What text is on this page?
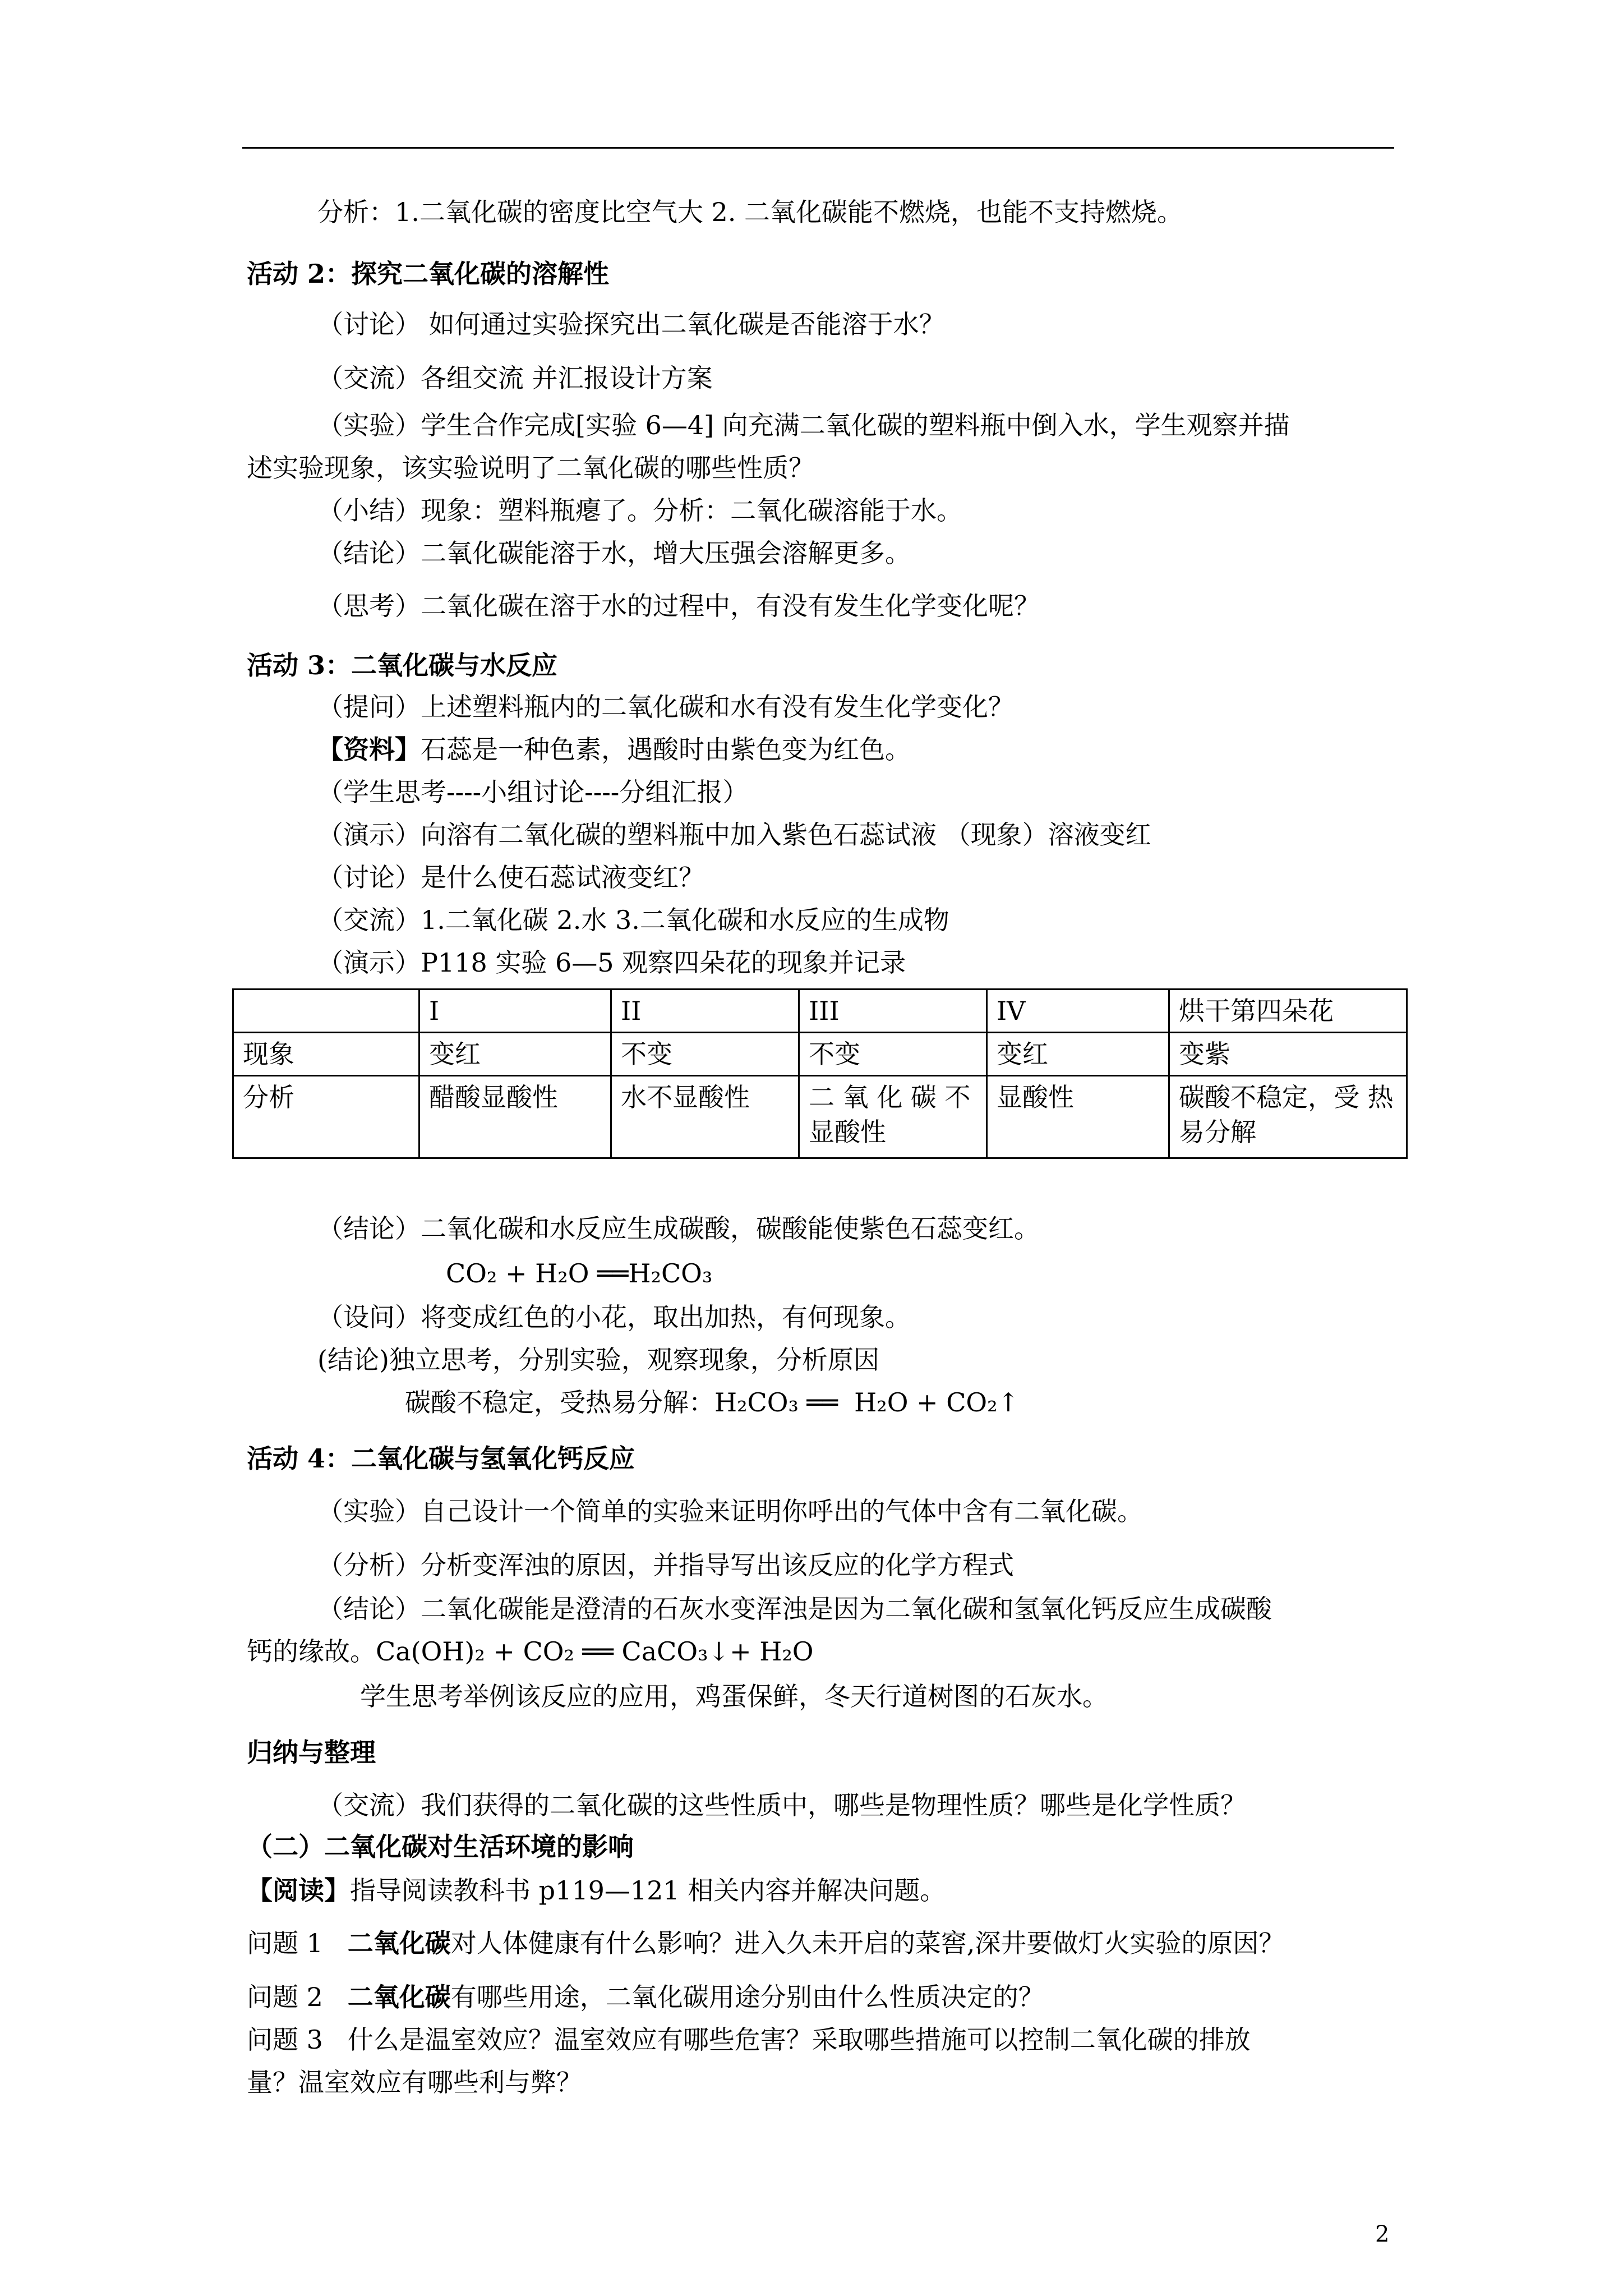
分析：1.二氧化碳的密度比空气大 2. 二氧化碳能不燃烧，也能不支持燃烧。
活动 2：探究二氧化碳的溶解性
（讨论） 如何通过实验探究出二氧化碳是否能溶于水？
（交流）各组交流 并汇报设计方案
（实验）学生合作完成[实验 6—4] 向充满二氧化碳的塑料瓶中倒入水，学生观察并描
述实验现象，该实验说明了二氧化碳的哪些性质？
（小结）现象：塑料瓶瘪了。分析：二氧化碳溶能于水。
（结论）二氧化碳能溶于水，增大压强会溶解更多。
（思考）二氧化碳在溶于水的过程中，有没有发生化学变化呢？
活动 3：二氧化碳与水反应
（提问）上述塑料瓶内的二氧化碳和水有没有发生化学变化？
【资料】石蕊是一种色素，遇酸时由紫色变为红色。
（学生思考----小组讨论----分组汇报）
（演示）向溶有二氧化碳的塑料瓶中加入紫色石蕊试液 （现象）溶液变红
（讨论）是什么使石蕊试液变红？
（交流）1.二氧化碳 2.水 3.二氧化碳和水反应的生成物
（演示）P118 实验 6—5 观察四朵花的现象并记录
	I	II	III	IV	烘干第四朵花
现象	变红	不变	不变	变红	变紫
分析	醋酸显酸性	水不显酸性	二 氧 化 碳 不 显酸性	显酸性	碳酸不稳定，受 热易分解
（结论）二氧化碳和水反应生成碳酸，碳酸能使紫色石蕊变红。
CO₂ + H₂O ══H₂CO₃
（设问）将变成红色的小花，取出加热，有何现象。
(结论)独立思考，分别实验，观察现象，分析原因
碳酸不稳定，受热易分解：H₂CO₃ ══  H₂O + CO₂↑
活动 4：二氧化碳与氢氧化钙反应
（实验）自己设计一个简单的实验来证明你呼出的气体中含有二氧化碳。
（分析）分析变浑浊的原因，并指导写出该反应的化学方程式
（结论）二氧化碳能是澄清的石灰水变浑浊是因为二氧化碳和氢氧化钙反应生成碳酸
钙的缘故。Ca(OH)₂ + CO₂ ══ CaCO₃↓+ H₂O
学生思考举例该反应的应用，鸡蛋保鲜，冬天行道树图的石灰水。
归纳与整理
（交流）我们获得的二氧化碳的这些性质中，哪些是物理性质？哪些是化学性质？
（二）二氧化碳对生活环境的影响
【阅读】指导阅读教科书 p119—121 相关内容并解决问题。
问题 1   二氧化碳对人体健康有什么影响？进入久未开启的菜窖,深井要做灯火实验的原因？
问题 2   二氧化碳有哪些用途，二氧化碳用途分别由什么性质决定的？
问题 3   什么是温室效应？温室效应有哪些危害？采取哪些措施可以控制二氧化碳的排放
量？温室效应有哪些利与弊？
2
